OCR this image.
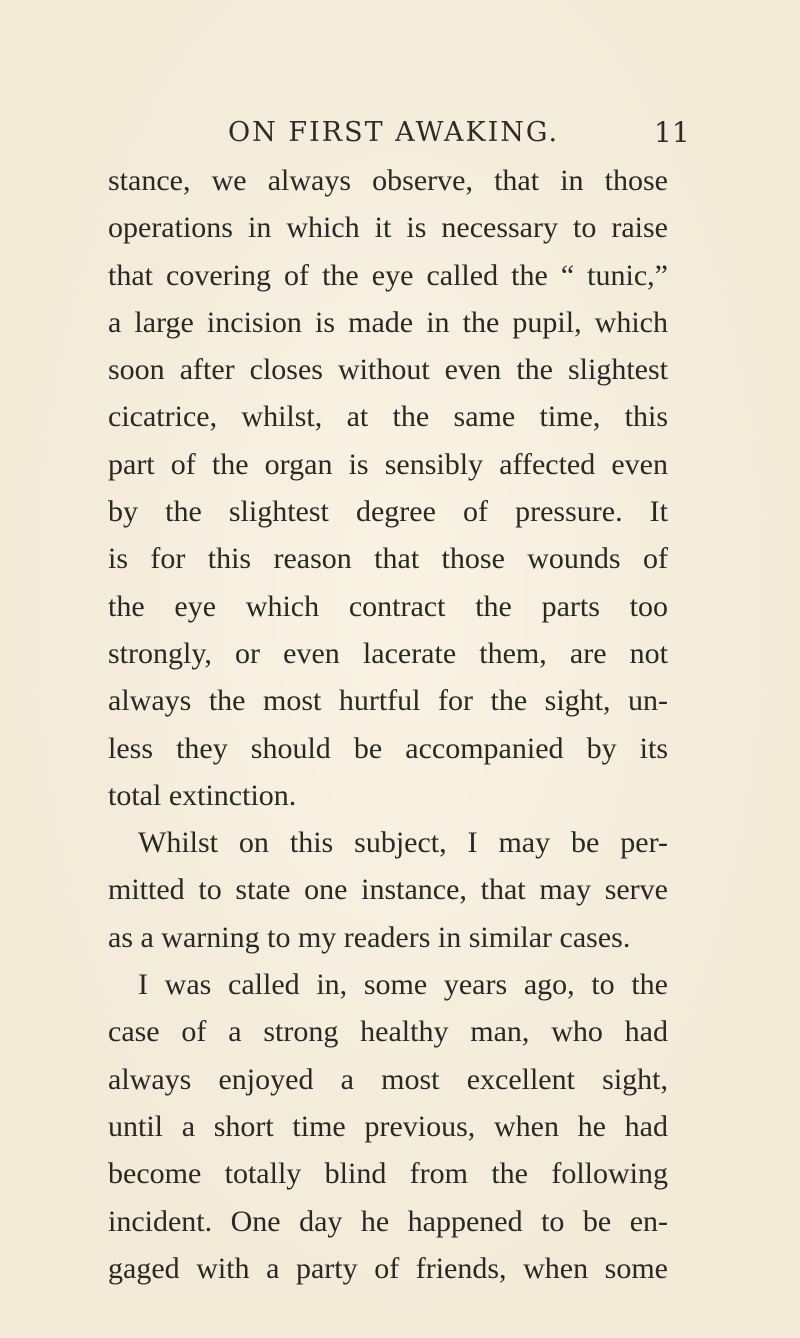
ON FIRST AWAKING.	11
stance, we always observe, that in those
operations in which it is necessary to raise
that covering of the eye called the “ tunic,”
a large incision is made in the pupil, which
soon after closes without even the slightest
cicatrice, whilst, at the same time, this
part of the organ is sensibly affected even
by the slightest degree of pressure. It
is for this reason that those wounds of
the eye which contract the parts too
strongly, or even lacerate them, are not
always the most hurtful for the sight, un-
less they should be accompanied by its
total extinction.
Whilst on this subject, I may be per-
mitted to state one instance, that may serve
as a warning to my readers in similar cases.
I was called in, some years ago, to the
case of a strong healthy man, who had
always enjoyed a most excellent sight,
until a short time previous, when he had
become totally blind from the following
incident. One day he happened to be en-
gaged with a party of friends, when some
